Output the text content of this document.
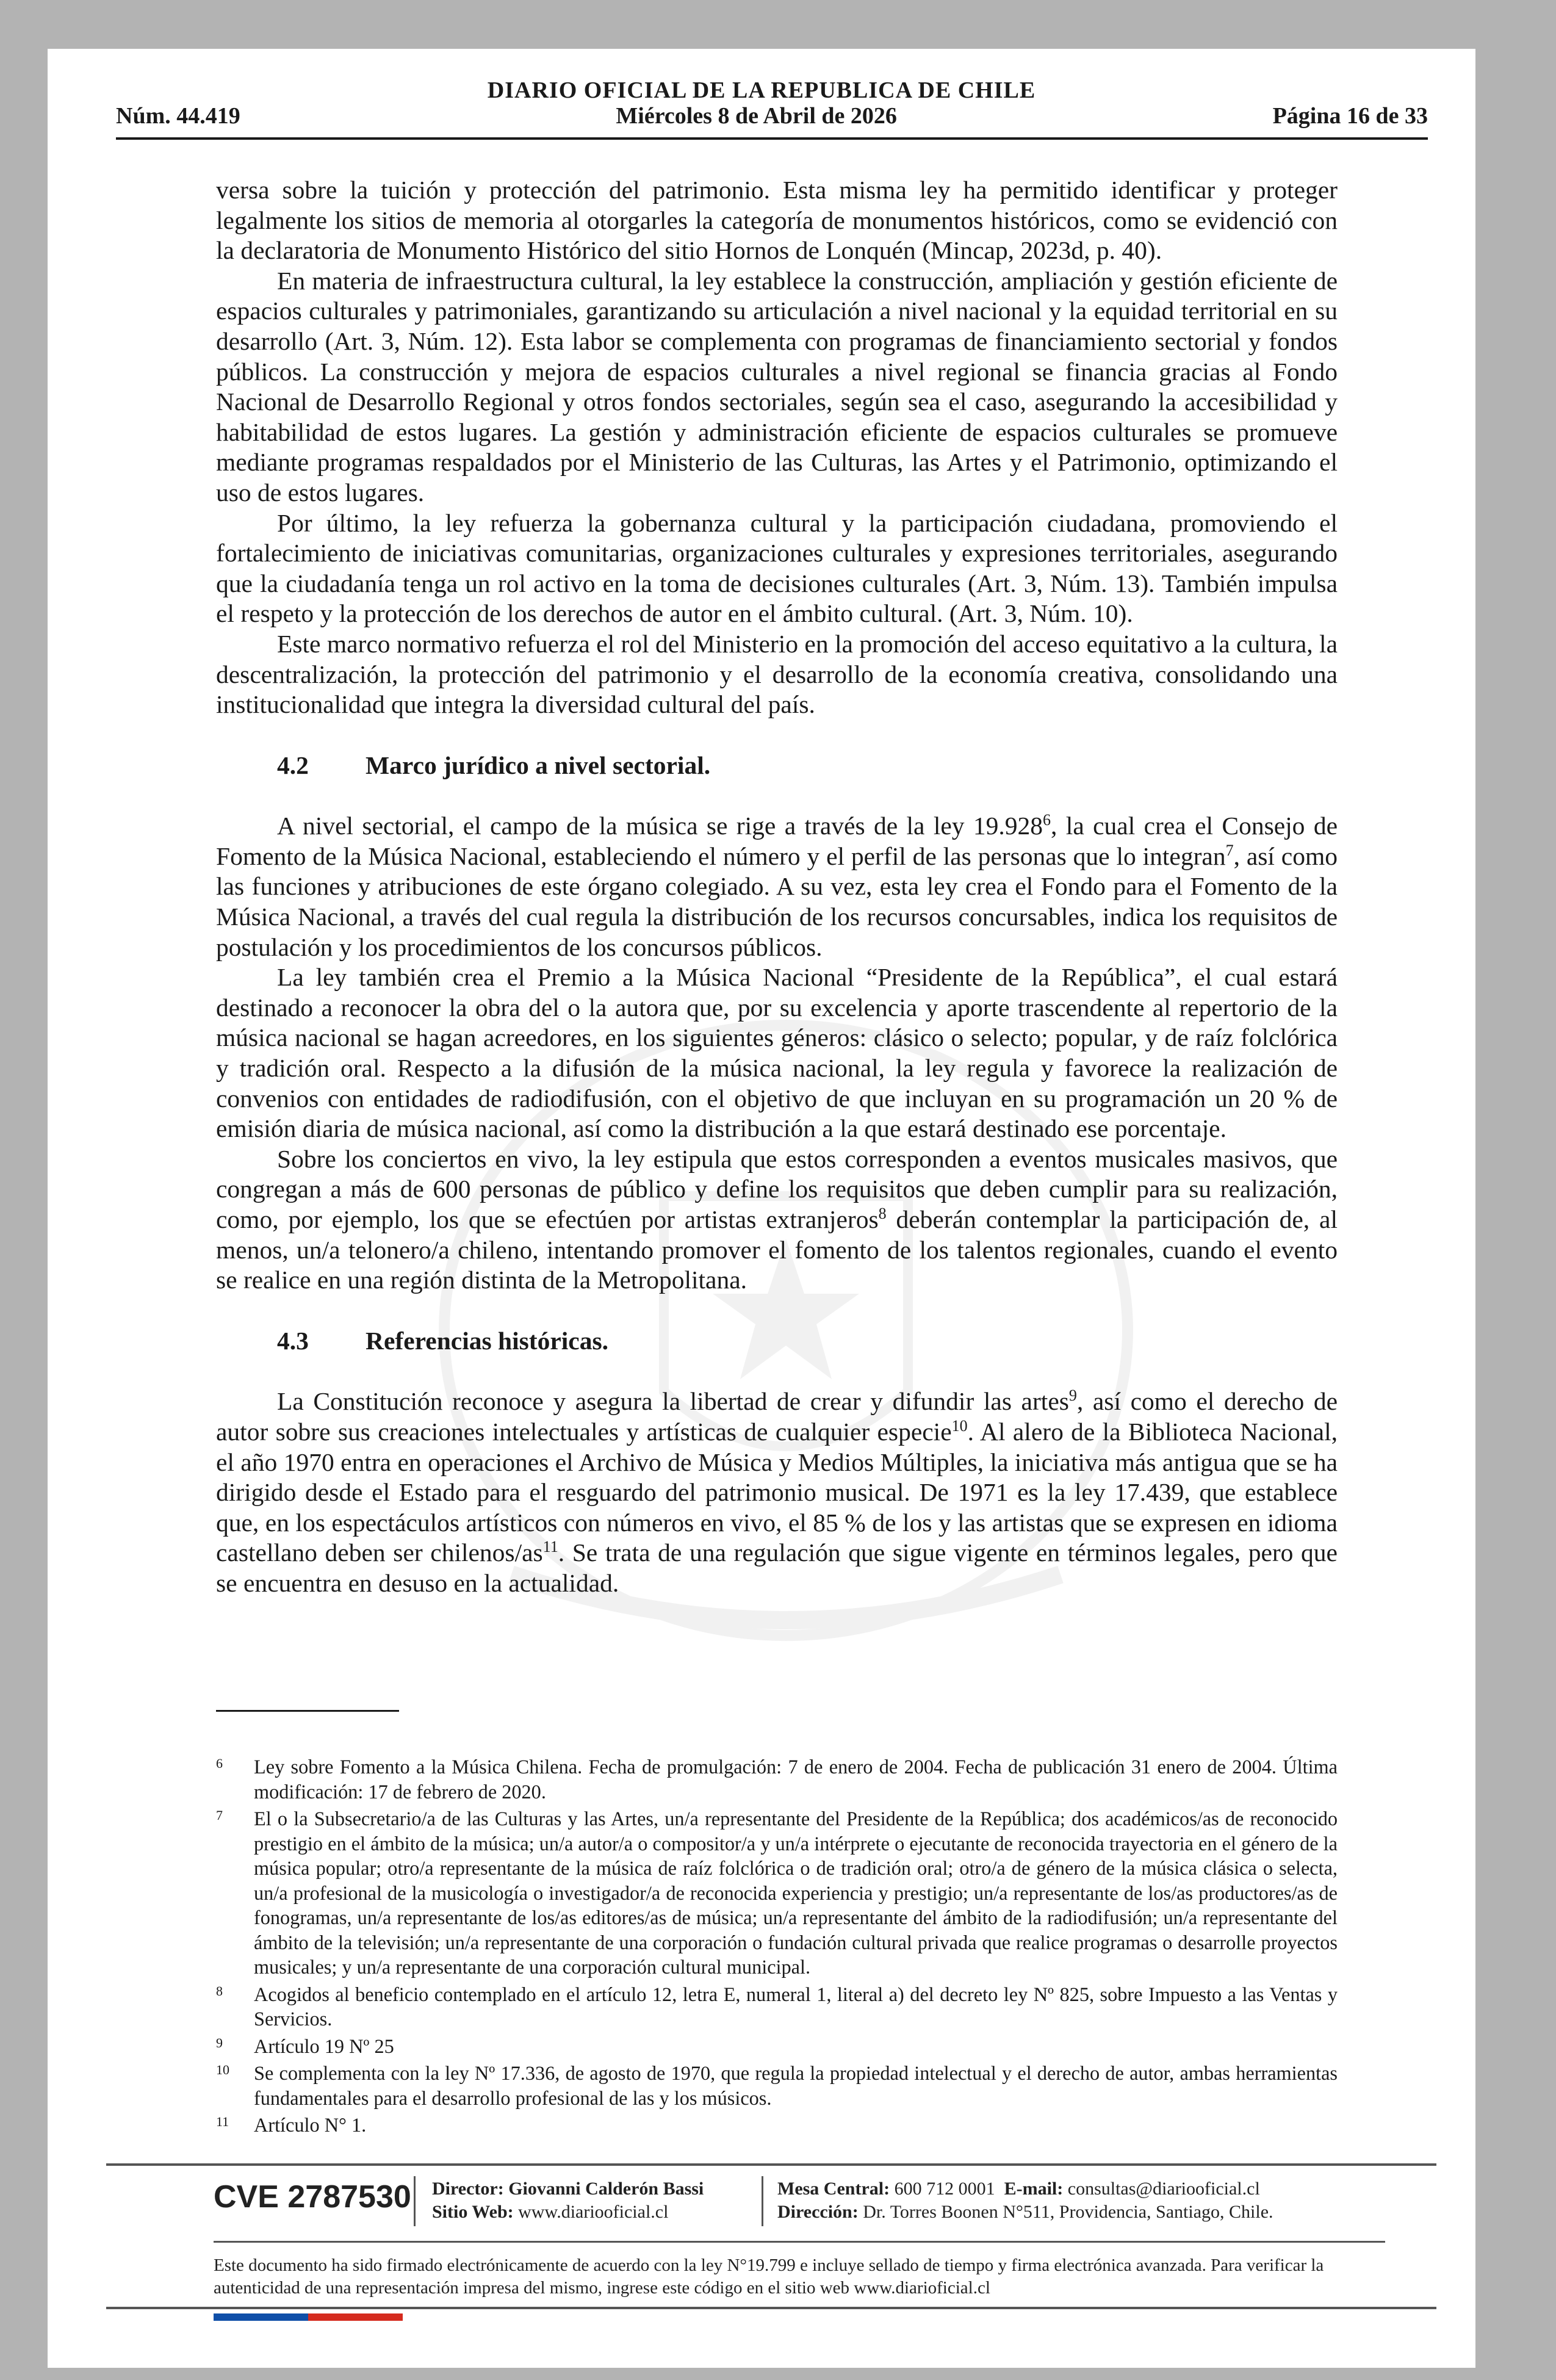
DIARIO OFICIAL DE LA REPUBLICA DE CHILE
Núm. 44.419	Miércoles 8 de Abril de 2026	Página 16 de 33

versa sobre la tuición y protección del patrimonio. Esta misma ley ha permitido identificar y proteger legalmente los sitios de memoria al otorgarles la categoría de monumentos históricos, como se evidenció con la declaratoria de Monumento Histórico del sitio Hornos de Lonquén (Mincap, 2023d, p. 40).

En materia de infraestructura cultural, la ley establece la construcción, ampliación y gestión eficiente de espacios culturales y patrimoniales, garantizando su articulación a nivel nacional y la equidad territorial en su desarrollo (Art. 3, Núm. 12). Esta labor se complementa con programas de financiamiento sectorial y fondos públicos. La construcción y mejora de espacios culturales a nivel regional se financia gracias al Fondo Nacional de Desarrollo Regional y otros fondos sectoriales, según sea el caso, asegurando la accesibilidad y habitabilidad de estos lugares. La gestión y administración eficiente de espacios culturales se promueve mediante programas respaldados por el Ministerio de las Culturas, las Artes y el Patrimonio, optimizando el uso de estos lugares.

Por último, la ley refuerza la gobernanza cultural y la participación ciudadana, promoviendo el fortalecimiento de iniciativas comunitarias, organizaciones culturales y expresiones territoriales, asegurando que la ciudadanía tenga un rol activo en la toma de decisiones culturales (Art. 3, Núm. 13). También impulsa el respeto y la protección de los derechos de autor en el ámbito cultural. (Art. 3, Núm. 10).

Este marco normativo refuerza el rol del Ministerio en la promoción del acceso equitativo a la cultura, la descentralización, la protección del patrimonio y el desarrollo de la economía creativa, consolidando una institucionalidad que integra la diversidad cultural del país.

4.2 Marco jurídico a nivel sectorial.

A nivel sectorial, el campo de la música se rige a través de la ley 19.928$^6$, la cual crea el Consejo de Fomento de la Música Nacional, estableciendo el número y el perfil de las personas que lo integran$^7$, así como las funciones y atribuciones de este órgano colegiado. A su vez, esta ley crea el Fondo para el Fomento de la Música Nacional, a través del cual regula la distribución de los recursos concursables, indica los requisitos de postulación y los procedimientos de los concursos públicos.

La ley también crea el Premio a la Música Nacional “Presidente de la República”, el cual estará destinado a reconocer la obra del o la autora que, por su excelencia y aporte trascendente al repertorio de la música nacional se hagan acreedores, en los siguientes géneros: clásico o selecto; popular, y de raíz folclórica y tradición oral. Respecto a la difusión de la música nacional, la ley regula y favorece la realización de convenios con entidades de radiodifusión, con el objetivo de que incluyan en su programación un 20 % de emisión diaria de música nacional, así como la distribución a la que estará destinado ese porcentaje.

Sobre los conciertos en vivo, la ley estipula que estos corresponden a eventos musicales masivos, que congregan a más de 600 personas de público y define los requisitos que deben cumplir para su realización, como, por ejemplo, los que se efectúen por artistas extranjeros$^8$ deberán contemplar la participación de, al menos, un/a telonero/a chileno, intentando promover el fomento de los talentos regionales, cuando el evento se realice en una región distinta de la Metropolitana.

4.3 Referencias históricas.

La Constitución reconoce y asegura la libertad de crear y difundir las artes$^9$, así como el derecho de autor sobre sus creaciones intelectuales y artísticas de cualquier especie$^{10}$. Al alero de la Biblioteca Nacional, el año 1970 entra en operaciones el Archivo de Música y Medios Múltiples, la iniciativa más antigua que se ha dirigido desde el Estado para el resguardo del patrimonio musical. De 1971 es la ley 17.439, que establece que, en los espectáculos artísticos con números en vivo, el 85 % de los y las artistas que se expresen en idioma castellano deben ser chilenos/$as^{11}$. Se trata de una regulación que sigue vigente en términos legales, pero que se encuentra en desuso en la actualidad.

6	Ley sobre Fomento a la Música Chilena. Fecha de promulgación: 7 de enero de 2004. Fecha de publicación 31 enero de 2004. Última modificación: 17 de febrero de 2020.
7	El o la Subsecretario/a de las Culturas y las Artes, un/a representante del Presidente de la República; dos académicos/as de reconocido prestigio en el ámbito de la música; un/a autor/a o compositor/a y un/a intérprete o ejecutante de reconocida trayectoria en el género de la música popular; otro/a representante de la música de raíz folclórica o de tradición oral; otro/a de género de la música clásica o selecta, un/a profesional de la musicología o investigador/a de reconocida experiencia y prestigio; un/a representante de los/as productores/as de fonogramas, un/a representante de los/as editores/as de música; un/a representante del ámbito de la radiodifusión; un/a representante del ámbito de la televisión; un/a representante de una corporación o fundación cultural privada que realice programas o desarrolle proyectos musicales; y un/a representante de una corporación cultural municipal.
8	Acogidos al beneficio contemplado en el artículo 12, letra E, numeral 1, literal a) del decreto ley Nº 825, sobre Impuesto a las Ventas y Servicios.
9	Artículo 19 Nº 25
10	Se complementa con la ley Nº 17.336, de agosto de 1970, que regula la propiedad intelectual y el derecho de autor, ambas herramientas fundamentales para el desarrollo profesional de las y los músicos.
11	Artículo N° 1.
CVE 2787530 Director: Giovanni Calderón Bassi
Sitio Web: www.diariooficial.cl
Mesa Central: 600 712 0001 E-mail: consultas@diariooficial.cl
Dirección: Dr. Torres Boonen N°511, Providencia, Santiago, Chile.
Este documento ha sido firmado electrónicamente de acuerdo con la ley N°19.799 e incluye sellado de tiempo y firma electrónica avanzada. Para verificar la autenticidad de una representación impresa del mismo, ingrese este código en el sitio web www.diarioficial.cl
